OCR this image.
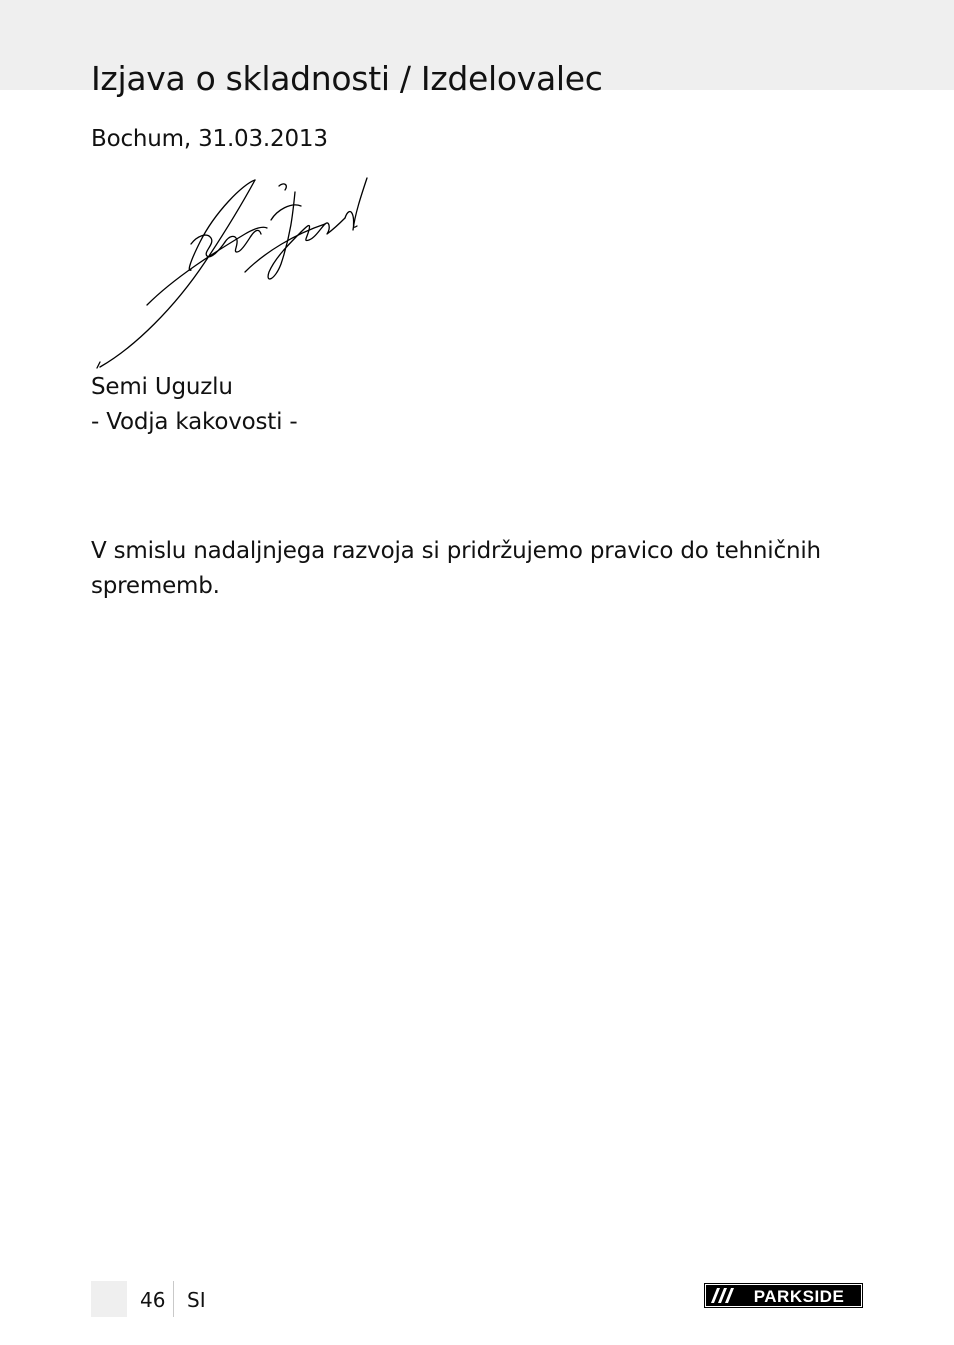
Izjava o skladnosti / Izdelovalec
Bochum, 31.03.2013
Semi Uguzlu
- Vodja kakovosti -

V smislu nadaljnjega razvoja si pridržujemo pravico do tehničnih sprememb.

46 SI	PARKSIDE
